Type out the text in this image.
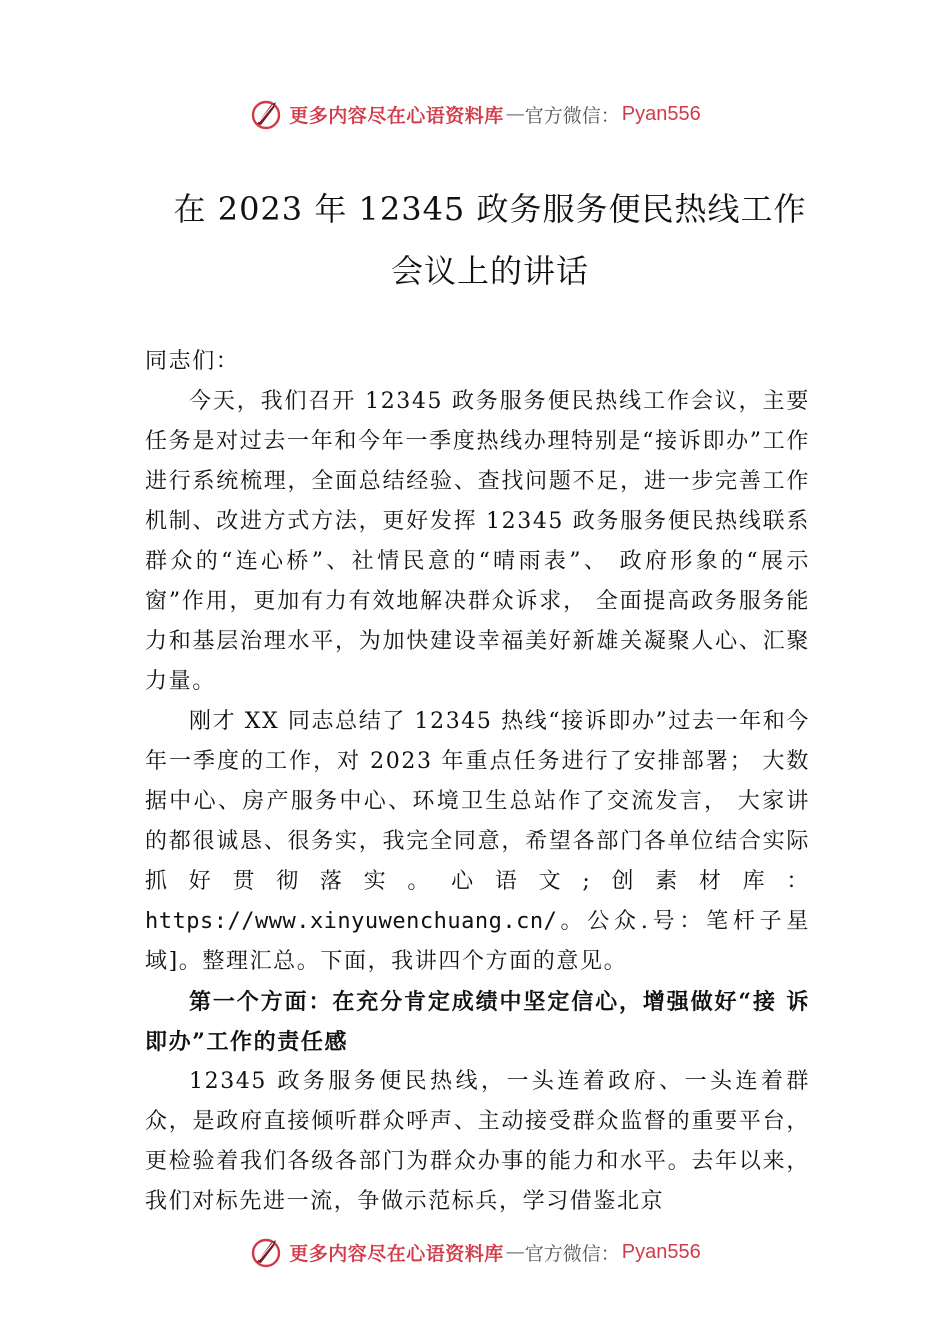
更多内容尽在心语资料库 — 官方微信： Pyan556
在 2023 年 12345 政务服务便民热线工作
会议上的讲话

同志们：

今天，我们召开 12345 政务服务便民热线工作会议，主要任务是对过去一年和今年一季度热线办理特别是“接诉即办”工作进行系统梳理，全面总结经验、查找问题不足，进一步完善工作机制、改进方式方法，更好发挥 12345 政务服务便民热线联系群众的“连心桥”、社情民意的“晴雨表”、 政府形象的“展示窗”作用，更加有力有效地解决群众诉求， 全面提高政务服务能力和基层治理水平，为加快建设幸福美好新雄关凝聚人心、汇聚力量。

刚才 XX 同志总结了 12345 热线“接诉即办”过去一年和今年一季度的工作，对 2023 年重点任务进行了安排部署； 大数据中心、房产服务中心、环境卫生总站作了交流发言， 大家讲的都很诚恳、很务实，我完全同意，希望各部门各单位结合实际抓好贯彻落实。心语文;创素材库：https://www.xinyuwenchuang.cn/。公众.号：笔杆子星域]。整理汇总。下面，我讲四个方面的意见。

第一个方面：在充分肯定成绩中坚定信心，增强做好“接 诉即办”工作的责任感

12345 政务服务便民热线，一头连着政府、一头连着群众，是政府直接倾听群众呼声、主动接受群众监督的重要平台，更检验着我们各级各部门为群众办事的能力和水平。去年以来，我们对标先进一流，争做示范标兵，学习借鉴北京

更多内容尽在心语资料库 — 官方微信： Pyan556
